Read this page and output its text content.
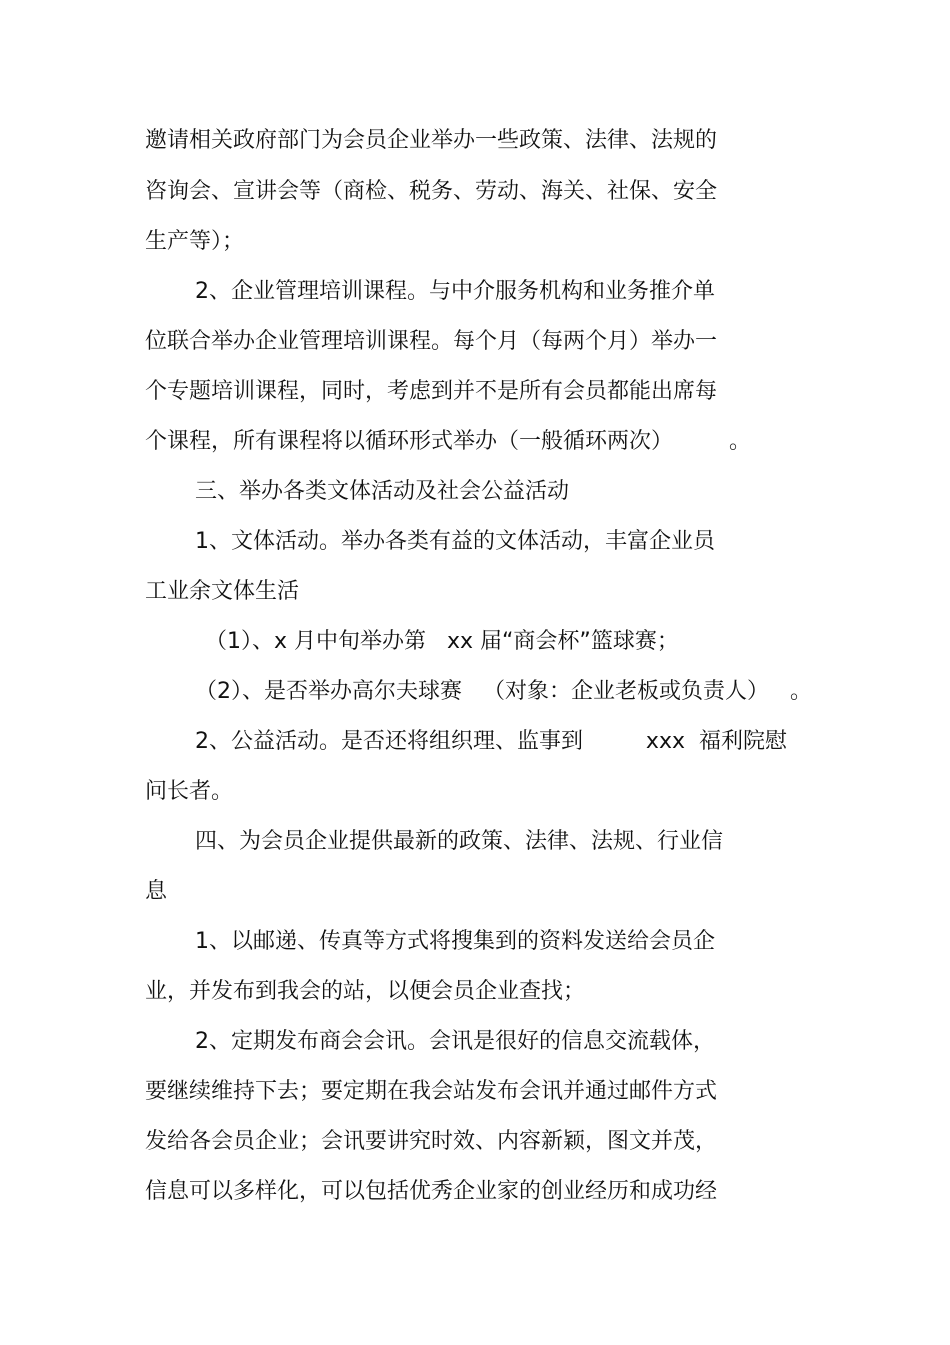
邀请相关政府部门为会员企业举办一些政策、法律、法规的
咨询会、宣讲会等（商检、税务、劳动、海关、社保、安全
生产等）；
2、企业管理培训课程。与中介服务机构和业务推介单
位联合举办企业管理培训课程。每个月（每两个月）举办一
个专题培训课程，同时，考虑到并不是所有会员都能出席每
个课程，所有课程将以循环形式举办（一般循环两次）        。
三、举办各类文体活动及社会公益活动
1、文体活动。举办各类有益的文体活动，丰富企业员
工业余文体生活
（1）、x 月中旬举办第   xx 届“商会杯”篮球赛；
（2）、是否举办高尔夫球赛   （对象：企业老板或负责人）   。
2、公益活动。是否还将组织理、监事到         xxx  福利院慰
问长者。
四、为会员企业提供最新的政策、法律、法规、行业信
息
1、以邮递、传真等方式将搜集到的资料发送给会员企
业，并发布到我会的站，以便会员企业查找；
2、定期发布商会会讯。会讯是很好的信息交流载体，
要继续维持下去；要定期在我会站发布会讯并通过邮件方式
发给各会员企业；会讯要讲究时效、内容新颖，图文并茂，
信息可以多样化，可以包括优秀企业家的创业经历和成功经
